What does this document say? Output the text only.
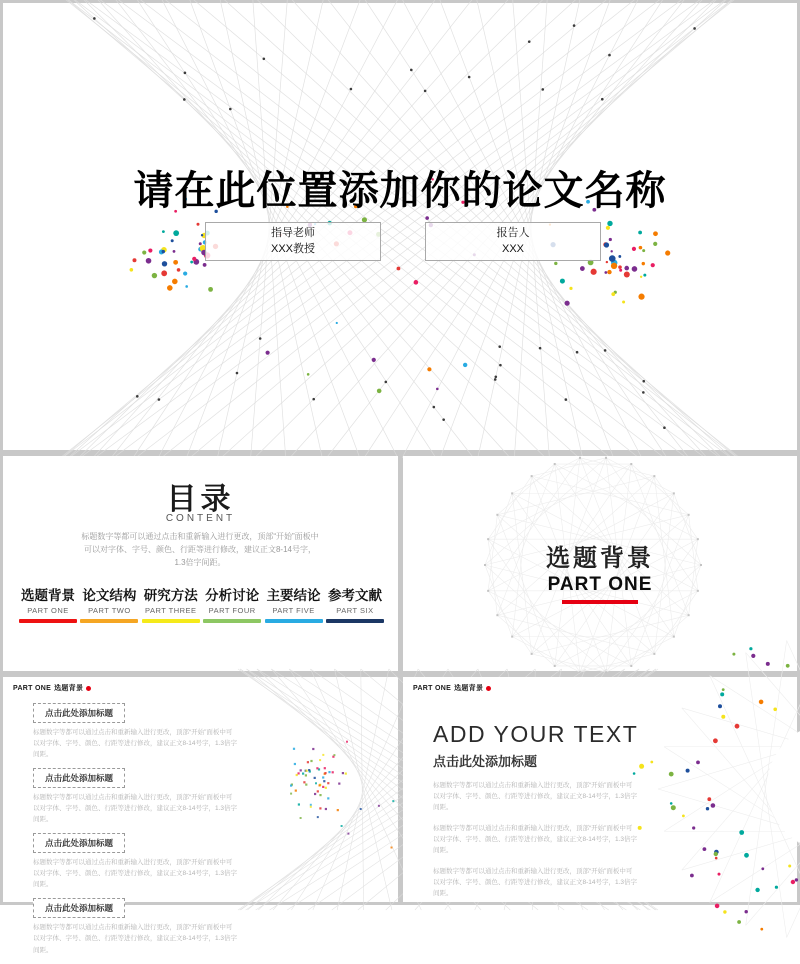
请在此位置添加你的论文名称
指导老师
XXX教授
报告人
XXX
目录
CONTENT
标题数字等都可以通过点击和重新输入进行更改，顶部“开始”面板中可以对字体、字号、颜色、行距等进行修改，建议正文8-14号字，1.3倍字间距。
选题背景
PART ONE
论文结构
PART TWO
研究方法
PART THREE
分析讨论
PART FOUR
主要结论
PART FIVE
参考文献
PART SIX
选题背景
PART ONE
PART ONE 选题背景
点击此处添加标题
标题数字等都可以通过点击和重新输入进行更改，顶部“开始”面板中可以对字体、字号、颜色、行距等进行修改，建议正文8-14号字，1.3倍字间距。
点击此处添加标题
标题数字等都可以通过点击和重新输入进行更改，顶部“开始”面板中可以对字体、字号、颜色、行距等进行修改，建议正文8-14号字，1.3倍字间距。
点击此处添加标题
标题数字等都可以通过点击和重新输入进行更改，顶部“开始”面板中可以对字体、字号、颜色、行距等进行修改，建议正文8-14号字，1.3倍字间距。
点击此处添加标题
标题数字等都可以通过点击和重新输入进行更改，顶部“开始”面板中可以对字体、字号、颜色、行距等进行修改，建议正文8-14号字，1.3倍字间距。
PART ONE 选题背景
ADD YOUR TEXT
点击此处添加标题
标题数字等都可以通过点击和重新输入进行更改，顶部“开始”面板中可以对字体、字号、颜色、行距等进行修改，建议正文8-14号字，1.3倍字间距。
标题数字等都可以通过点击和重新输入进行更改，顶部“开始”面板中可以对字体、字号、颜色、行距等进行修改，建议正文8-14号字，1.3倍字间距。
标题数字等都可以通过点击和重新输入进行更改，顶部“开始”面板中可以对字体、字号、颜色、行距等进行修改，建议正文8-14号字，1.3倍字间距。
